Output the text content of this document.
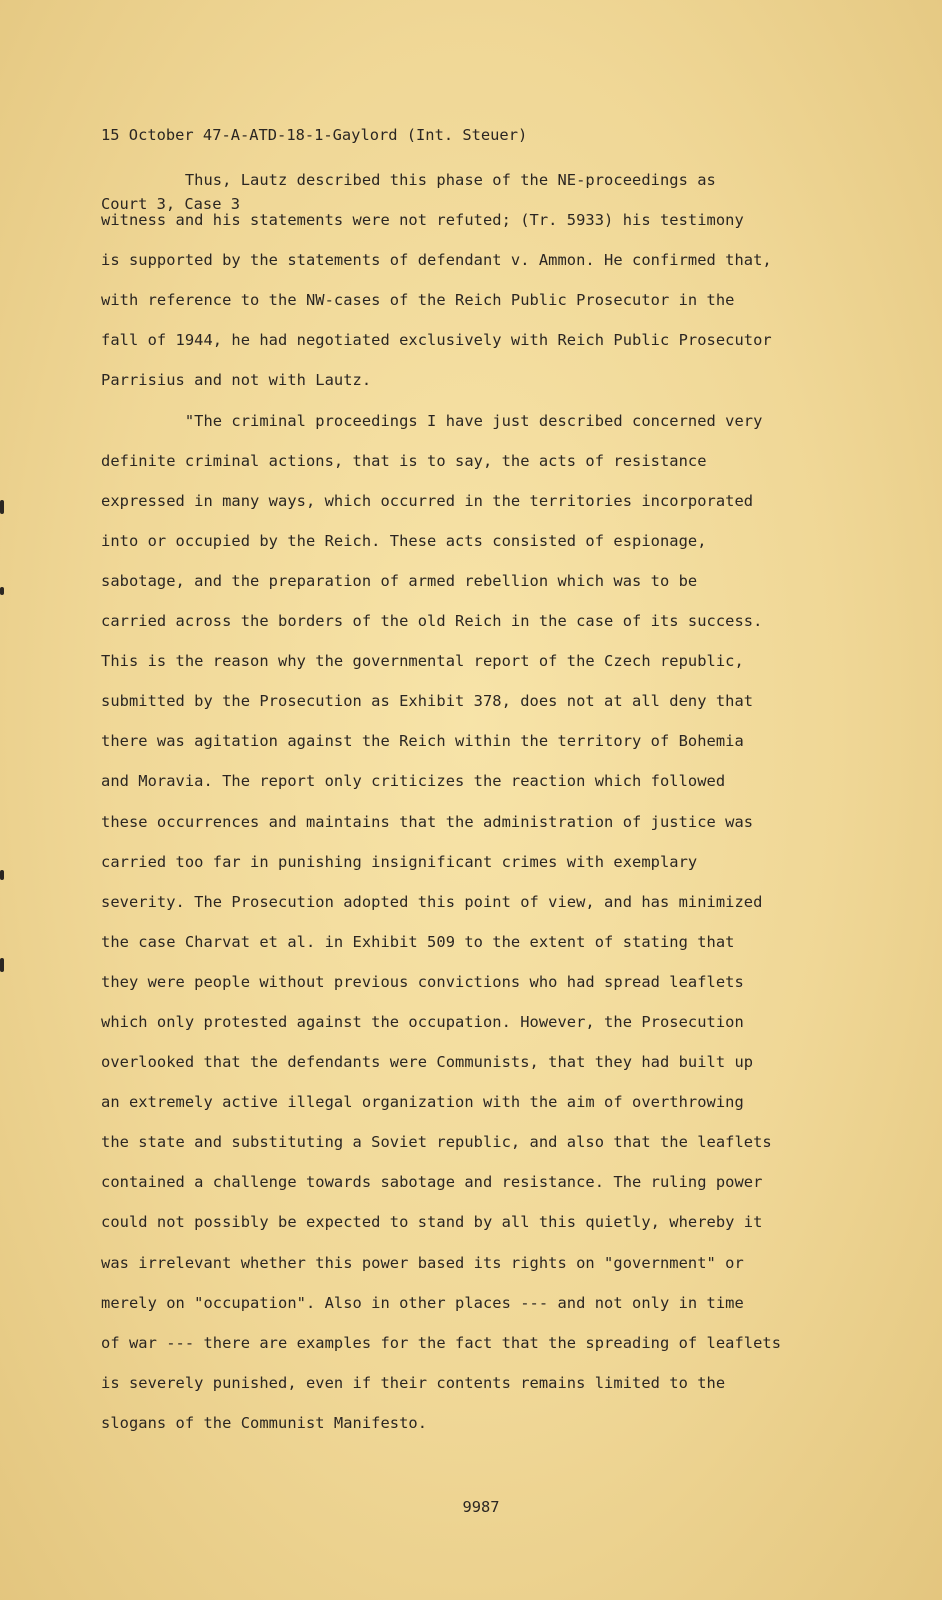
15 October 47-A-ATD-18-1-Gaylord (Int. Steuer)

Court 3, Case 3

Thus, Lautz described this phase of the NE-proceedings as
witness and his statements were not refuted; (Tr. 5933) his testimony
is supported by the statements of defendant v. Ammon. He confirmed that,
with reference to the NW-cases of the Reich Public Prosecutor in the
fall of 1944, he had negotiated exclusively with Reich Public Prosecutor
Parrisius and not with Lautz.
"The criminal proceedings I have just described concerned very
definite criminal actions, that is to say, the acts of resistance
expressed in many ways, which occurred in the territories incorporated
into or occupied by the Reich. These acts consisted of espionage,
sabotage, and the preparation of armed rebellion which was to be
carried across the borders of the old Reich in the case of its success.
This is the reason why the governmental report of the Czech republic,
submitted by the Prosecution as Exhibit 378, does not at all deny that
there was agitation against the Reich within the territory of Bohemia
and Moravia. The report only criticizes the reaction which followed
these occurrences and maintains that the administration of justice was
carried too far in punishing insignificant crimes with exemplary
severity. The Prosecution adopted this point of view, and has minimized
the case Charvat et al. in Exhibit 509 to the extent of stating that
they were people without previous convictions who had spread leaflets
which only protested against the occupation. However, the Prosecution
overlooked that the defendants were Communists, that they had built up
an extremely active illegal organization with the aim of overthrowing
the state and substituting a Soviet republic, and also that the leaflets
contained a challenge towards sabotage and resistance. The ruling power
could not possibly be expected to stand by all this quietly, whereby it
was irrelevant whether this power based its rights on "government" or
merely on "occupation". Also in other places --- and not only in time
of war --- there are examples for the fact that the spreading of leaflets
is severely punished, even if their contents remains limited to the
slogans of the Communist Manifesto.
9987
